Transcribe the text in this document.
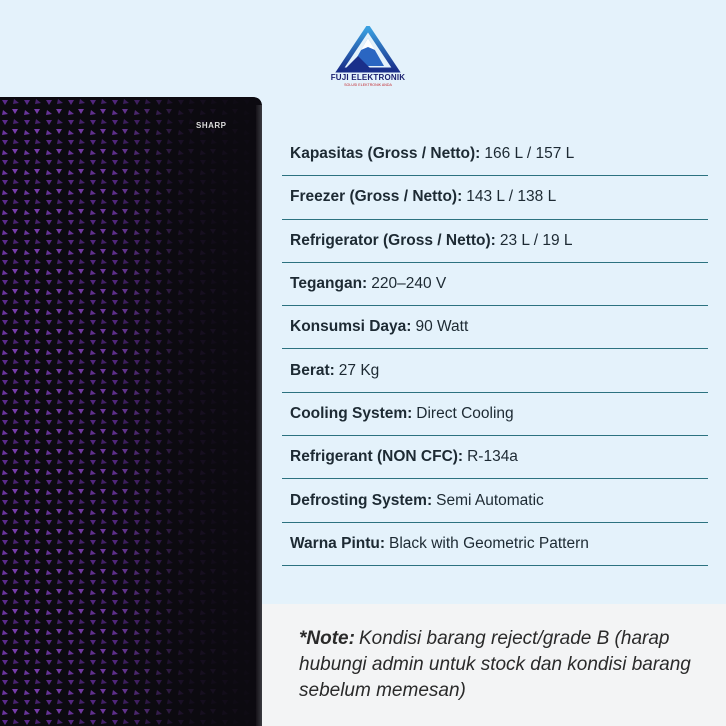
FUJI ELEKTRONIK
SOLUSI ELEKTRONIK ANDA
SHARP
Kapasitas (Gross / Netto): 166 L / 157 L
Freezer (Gross / Netto): 143 L / 138 L
Refrigerator (Gross / Netto): 23 L / 19 L
Tegangan: 220–240 V
Konsumsi Daya: 90 Watt
Berat: 27 Kg
Cooling System: Direct Cooling
Refrigerant (NON CFC): R-134a
Defrosting System: Semi Automatic
Warna Pintu: Black with Geometric Pattern
*Note: Kondisi barang reject/grade B (harap hubungi admin untuk stock dan kondisi barang sebelum memesan)
